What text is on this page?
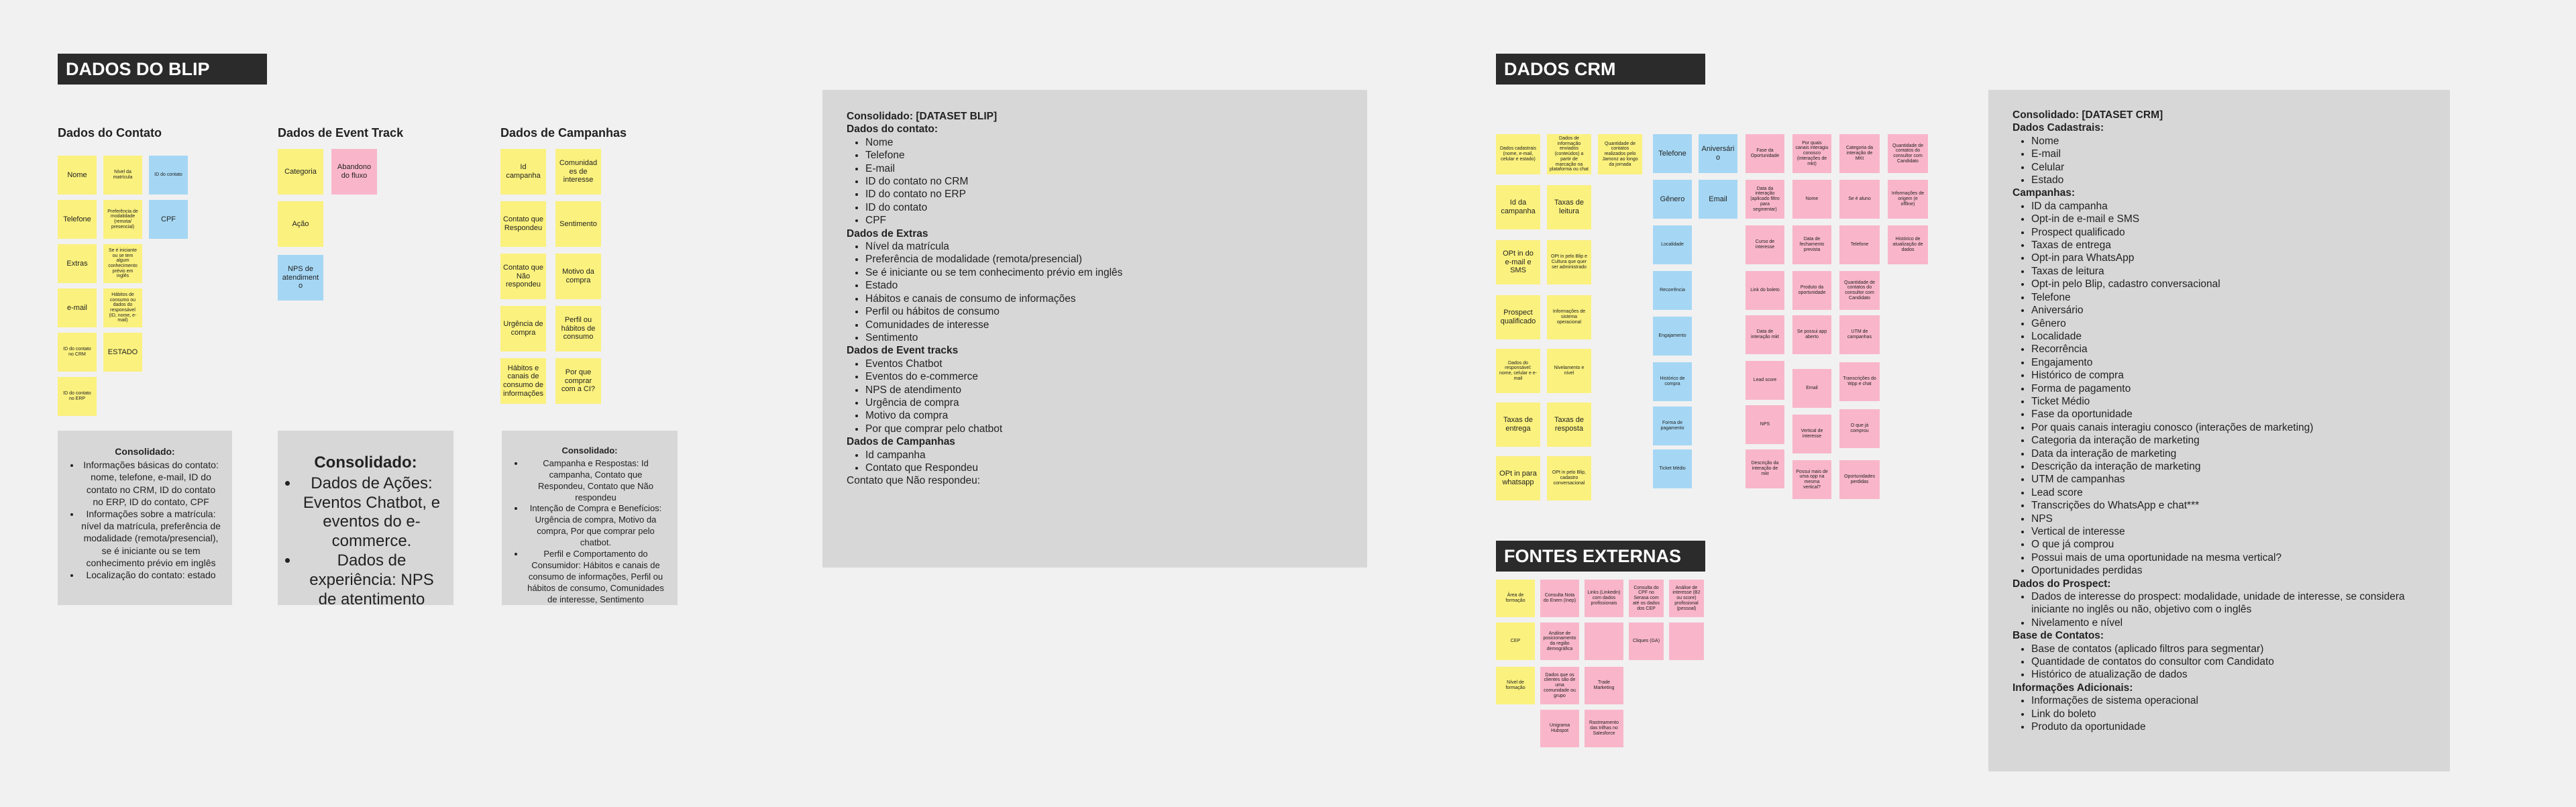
DADOS DO BLIP
Dados do Contato
Nome	Nível da matrícula
ID do contato
Telefone
Preferência de modalidade (remota/ presencial)
CPF
Extras
Se é iniciante ou se tem algum conhecimento prévio em inglês
e-mail
Hábitos de consumo ou dados do responsável (ID, nome, e-mail)
ID do contato no CRM	ESTADO
ID do contato no ERP
Dados de Event Track
Categoria
Abandono do fluxo
Ação
NPS de atendimento
Dados de Campanhas
Id campanha
Comunidades de interesse
Contato que Respondeu
Sentimento
Contato que Não respondeu
Motivo da compra
Urgência de compra
Perfil ou hábitos de consumo
Hábitos e canais de consumo de informações
Por que comprar com a CI?
Consolidado:
• Informações básicas do contato: nome, telefone, e-mail, ID do contato no CRM, ID do contato no ERP, ID do contato, CPF
• Informações sobre a matrícula: nível da matrícula, preferência de modalidade (remota/presencial), se é iniciante ou se tem conhecimento prévio em inglês
• Localização do contato: estado
Consolidado:
• Dados de Ações: Eventos Chatbot, e eventos do e-commerce.
• Dados de experiência: NPS de atentimento
Consolidado:
• Campanha e Respostas: Id campanha, Contato que Respondeu, Contato que Não respondeu
• Intenção de Compra e Benefícios: Urgência de compra, Motivo da compra, Por que comprar pelo chatbot.
• Perfil e Comportamento do Consumidor: Hábitos e canais de consumo de informações, Perfil ou hábitos de consumo, Comunidades de interesse, Sentimento
Consolidado: [DATASET BLIP]
Dados do contato:
• Nome
• Telefone
• E-mail
• ID do contato no CRM
• ID do contato no ERP
• ID do contato
• CPF
Dados de Extras
• Nível da matrícula
• Preferência de modalidade (remota/presencial)
• Se é iniciante ou se tem conhecimento prévio em inglês
• Estado
• Hábitos e canais de consumo de informações
• Perfil ou hábitos de consumo
• Comunidades de interesse
• Sentimento
Dados de Event tracks
• Eventos Chatbot
• Eventos do e-commerce
• NPS de atendimento
• Urgência de compra
• Motivo da compra
• Por que comprar pelo chatbot
Dados de Campanhas
• Id campanha
• Contato que Respondeu
Contato que Não respondeu:
DADOS CRM
Dados cadastrais (nome, e-mail, celular e estado)
Dados de informação enviados (conteúdos) a partir de marcação na plataforma ou chat
Quantidade de contatos realizados pelo Jamonz ao longo da jornada
Id da campanha
Taxas de leitura
OPt in do e-mail e SMS
OPt in pelo Blip e Cultura que quer ser administrado
Prospect qualificado
Informações de sistema operacional
Dados do responsável: nome, celular e e-mail
Nivelamento e nível
Taxas de entrega
Taxas de resposta
OPt in para whatsapp
OPt in pelo Blip, cadastro conversacional
Telefone
Aniversário
Gênero	Email
Localidade
Recorrência
Engajamento
Histórico de compra
Forma de pagamento
Ticket Médio
Fase da Oportunidade
Por quais canais interagiu conosco (interações de mkt)
Categoria da interação de MKt
Quantidade de contatos do consultor com Candidato
Data da interação (aplicado filtro para segmentar)
Nome	Se é aluno
Informações de origem (e offline)
Curso de interesse
Data de fechamento prevista
Telefone
Histórico de atualização de dados
Link do boleto
Produto da oportunidade
Quantidade de contatos do consultor com Candidato
Data de interação mkt
Se possui app aberto
UTM de campanhas
Lead score
Email
Transcrições do Wpp e chat
NPS
Vertical de interesse
O que já comprou
Descrição da interação de mkt	Possui mais de uma opp na mesma vertical?
Oportunidades perdidas
FONTES EXTERNAS
Área de formação
Consulta Nota do Enem (Inep)
Links (Linkedin) com dados profissionais
Consulta do CPF no Serasa com até os dados dos CEP
Análise de interesse (B2 ou score) profissional (pessoal)
CEP
Análise de posicionamento da região demográfica
Cliques (GA)
Nível de formação
Dados que os clientes são de uma comunidade ou grupo
Trade Marketing
Unigrama Hubspot
Rastreamento das trilhas no Salesforce
Consolidado: [DATASET CRM]
Dados Cadastrais:
• Nome
• E-mail
• Celular
• Estado
Campanhas:
• ID da campanha
• Opt-in de e-mail e SMS
• Prospect qualificado
• Taxas de entrega
• Opt-in para WhatsApp
• Taxas de leitura
• Opt-in pelo Blip, cadastro conversacional
• Telefone
• Aniversário
• Gênero
• Localidade
• Recorrência
• Engajamento
• Histórico de compra
• Forma de pagamento
• Ticket Médio
• Fase da oportunidade
• Por quais canais interagiu conosco (interações de marketing)
• Categoria da interação de marketing
• Data da interação de marketing
• Descrição da interação de marketing
• UTM de campanhas
• Lead score
• Transcrições do WhatsApp e chat***
• NPS
• Vertical de interesse
• O que já comprou
• Possui mais de uma oportunidade na mesma vertical?
• Oportunidades perdidas
Dados do Prospect:
• Dados de interesse do prospect: modalidade, unidade de interesse, se considera iniciante no inglês ou não, objetivo com o inglês
• Nivelamento e nível
Base de Contatos:
• Base de contatos (aplicado filtros para segmentar)
• Quantidade de contatos do consultor com Candidato
• Histórico de atualização de dados
Informações Adicionais:
• Informações de sistema operacional
• Link do boleto
• Produto da oportunidade
